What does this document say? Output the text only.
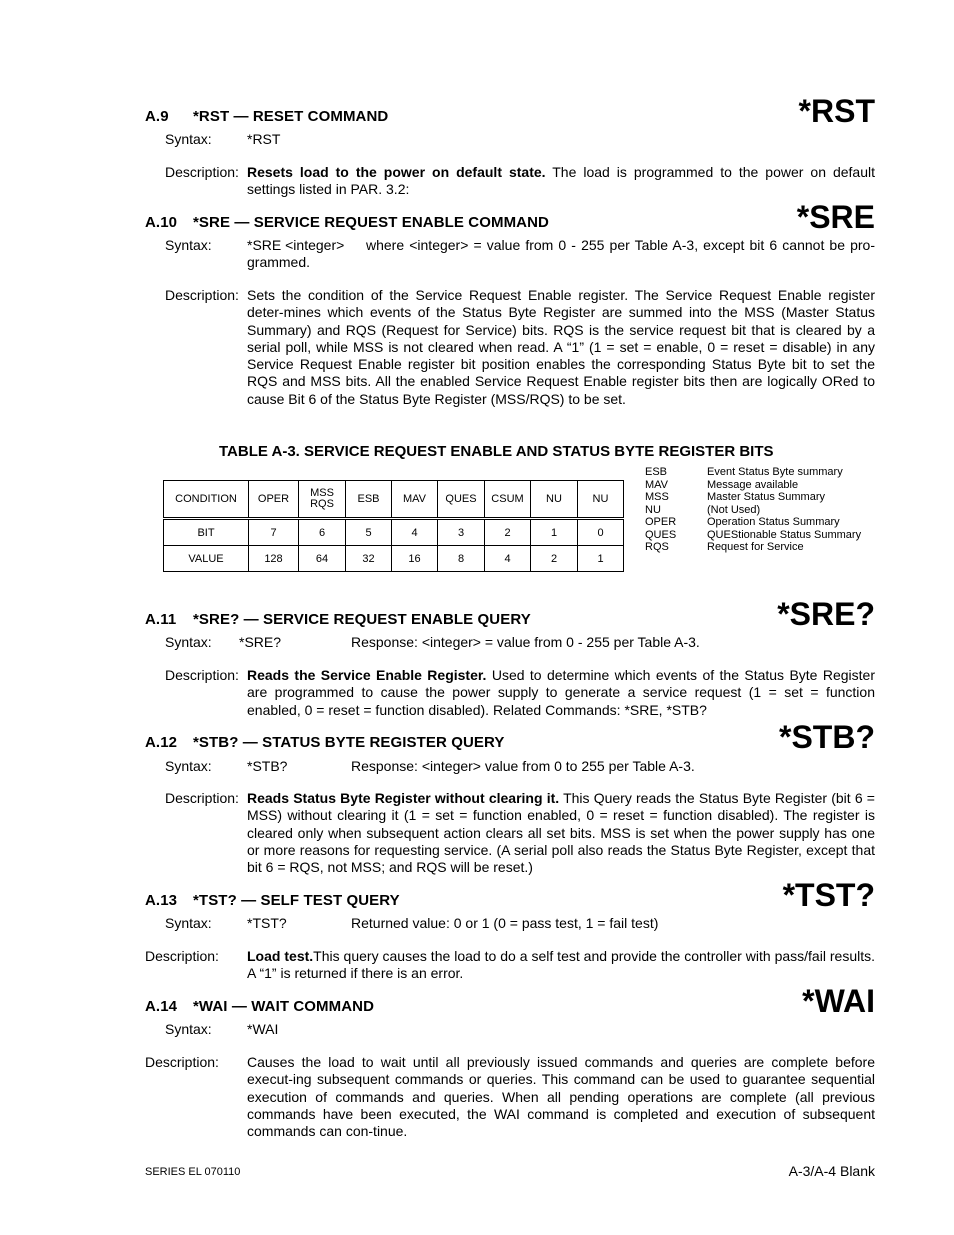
A.9 *RST — RESET COMMAND	*RST
Syntax:	*RST
Description: Resets load to the power on default state. The load is programmed to the power on default settings listed in PAR. 3.2:
A.10 *SRE — SERVICE REQUEST ENABLE COMMAND	*SRE
Syntax:	*SRE <integer>	where <integer> = value from 0 - 255 per Table A-3, except bit 6 cannot be pro-grammed.
Description: Sets the condition of the Service Request Enable register. The Service Request Enable register deter-mines which events of the Status Byte Register are summed into the MSS (Master Status Summary) and RQS (Request for Service) bits. RQS is the service request bit that is cleared by a serial poll, while MSS is not cleared when read. A “1” (1 = set = enable, 0 = reset = disable) in any Service Request Enable register bit position enables the corresponding Status Byte bit to set the RQS and MSS bits. All the enabled Service Request Enable register bits then are logically ORed to cause Bit 6 of the Status Byte Register (MSS/RQS) to be set.
TABLE A-3. SERVICE REQUEST ENABLE AND STATUS BYTE REGISTER BITS
CONDITION	OPER	MSS RQS	ESB	MAV	QUES	CSUM	NU	NU
BIT	7	6	5	4	3	2	1	0
VALUE	128	64	32	16	8	4	2	1
ESB	Event Status Byte summary
MAV	Message available
MSS	Master Status Summary
NU	(Not Used)
OPER	Operation Status Summary
QUES	QUEStionable Status Summary
RQS	Request for Service
A.11 *SRE? — SERVICE REQUEST ENABLE QUERY	*SRE?
Syntax: *SRE?	Response: <integer> = value from 0 - 255 per Table A-3.
Description: Reads the Service Enable Register. Used to determine which events of the Status Byte Register are programmed to cause the power supply to generate a service request (1 = set = function enabled, 0 = reset = function disabled). Related Commands: *SRE, *STB?
A.12 *STB? — STATUS BYTE REGISTER QUERY	*STB?
Syntax:	*STB?	Response: <integer> value from 0 to 255 per Table A-3.
Description: Reads Status Byte Register without clearing it. This Query reads the Status Byte Register (bit 6 = MSS) without clearing it (1 = set = function enabled, 0 = reset = function disabled). The register is cleared only when subsequent action clears all set bits. MSS is set when the power supply has one or more reasons for requesting service. (A serial poll also reads the Status Byte Register, except that bit 6 = RQS, not MSS; and RQS will be reset.)
A.13 *TST? — SELF TEST QUERY	*TST?
Syntax:	*TST?	Returned value: 0 or 1 (0 = pass test, 1 = fail test)
Description: Load test.This query causes the load to do a self test and provide the controller with pass/fail results. A “1” is returned if there is an error.
A.14 *WAI — WAIT COMMAND	*WAI
Syntax:	*WAI
Description: Causes the load to wait until all previously issued commands and queries are complete before execut-ing subsequent commands or queries. This command can be used to guarantee sequential execution of commands and queries. When all pending operations are complete (all previous commands have been executed, the WAI command is completed and execution of subsequent commands can con-tinue.
SERIES EL 070110	A-3/A-4 Blank
